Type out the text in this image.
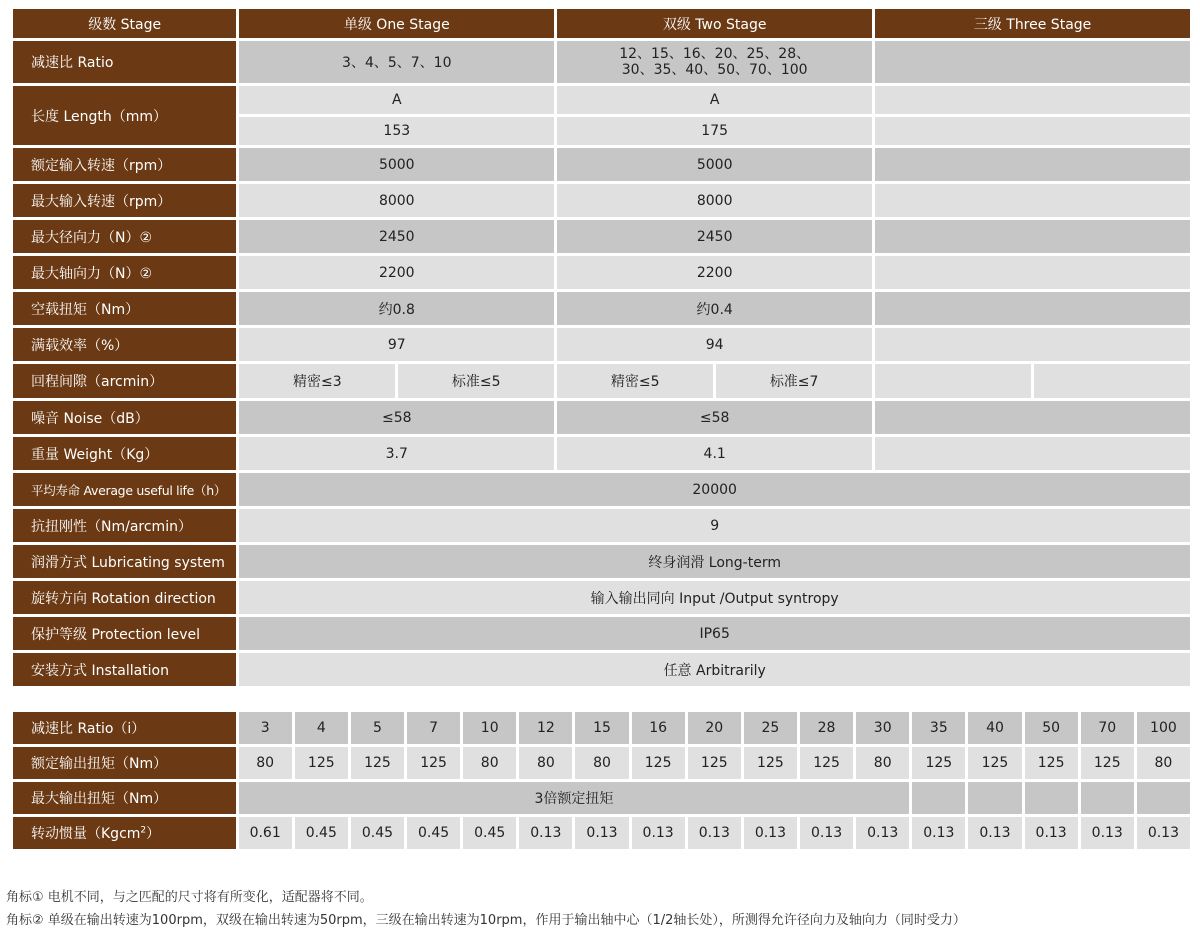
级数 Stage	单级 One Stage		双级 Two Stage		三级 Three Stage	
减速比 Ratio	3、4、5、7、10		12、15、16、20、25、28、
30、35、40、50、70、100			

长度 Length（mm）	A		A			
	153		175			
额定输入转速（rpm）	5000		5000			
最大输入转速（rpm）	8000		8000			
最大径向力（N）②	2450		2450			
最大轴向力（N）②	2200		2200			
空载扭矩（Nm）	约0.8		约0.4			
满载效率（%）	97		94			
回程间隙（arcmin）	精密≤3	标准≤5	精密≤5	标准≤7		
噪音 Noise（dB）	≤58		≤58			
重量 Weight（Kg）	3.7		4.1			
平均寿命 Average useful life（h）	20000					
抗扭刚性（Nm/arcmin）	9					
润滑方式 Lubricating system	终身润滑 Long-term					
旋转方向 Rotation direction	输入输出同向 Input /Output syntropy					
保护等级 Protection level	IP65					
安装方式 Installation	任意 Arbitrarily					
减速比 Ratio（i）	3	4	5	7	10	12	15	16	20	25	28	30	35	40	50	70	100
额定输出扭矩（Nm）	80	125	125	125	80	80	80	125	125	125	125	80	125	125	125	125	80
最大输出扭矩（Nm）	3倍额定扭矩																
转动惯量（Kgcm$^2$）	0.61	0.45	0.45	0.45	0.45	0.13	0.13	0.13	0.13	0.13	0.13	0.13	0.13	0.13	0.13	0.13	0.13
角标① 电机不同，与之匹配的尺寸将有所变化，适配器将不同。
角标② 单级在输出转速为100rpm，双级在输出转速为50rpm，三级在输出转速为10rpm，作用于输出轴中心（1/2轴长处），所测得允许径向力及轴向力（同时受力）
